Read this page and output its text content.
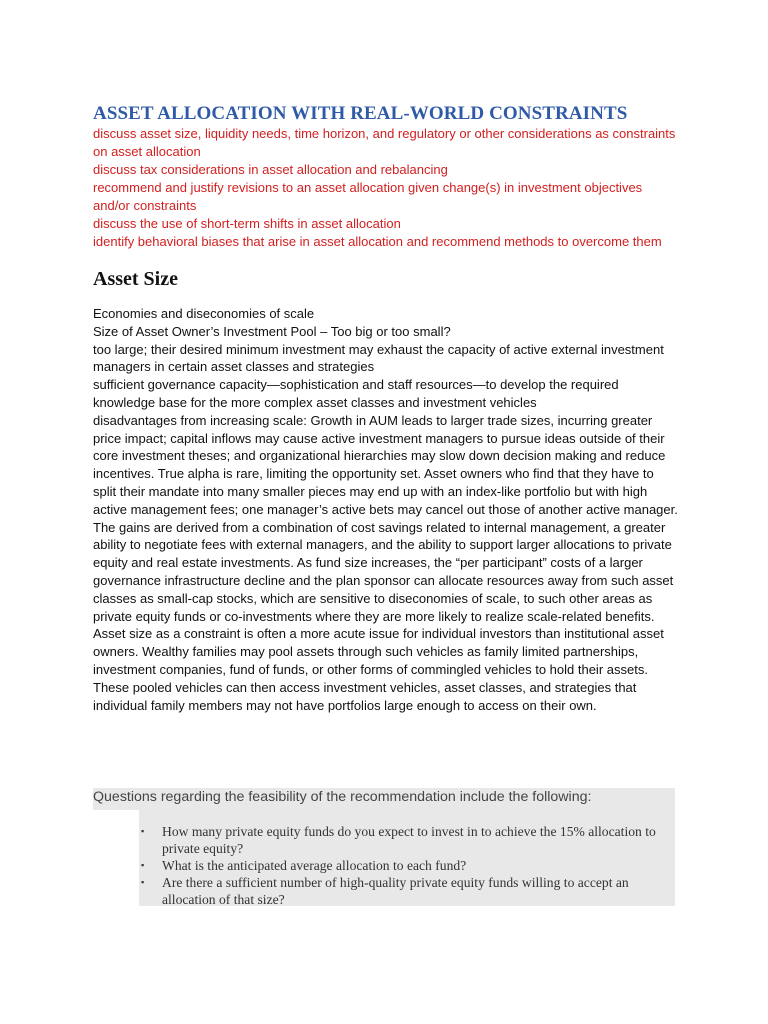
ASSET ALLOCATION WITH REAL-WORLD CONSTRAINTS
discuss asset size, liquidity needs, time horizon, and regulatory or other considerations as constraints on asset allocation
discuss tax considerations in asset allocation and rebalancing
recommend and justify revisions to an asset allocation given change(s) in investment objectives and/or constraints
discuss the use of short-term shifts in asset allocation
identify behavioral biases that arise in asset allocation and recommend methods to overcome them
Asset Size

Economies and diseconomies of scale

Size of Asset Owner’s Investment Pool – Too big or too small?

too large; their desired minimum investment may exhaust the capacity of active external investment managers in certain asset classes and strategies

sufficient governance capacity—sophistication and staff resources—to develop the required knowledge base for the more complex asset classes and investment vehicles

disadvantages from increasing scale: Growth in AUM leads to larger trade sizes, incurring greater price impact; capital inflows may cause active investment managers to pursue ideas outside of their core investment theses; and organizational hierarchies may slow down decision making and reduce incentives. True alpha is rare, limiting the opportunity set. Asset owners who find that they have to split their mandate into many smaller pieces may end up with an index-like portfolio but with high active management fees; one manager’s active bets may cancel out those of another active manager.

The gains are derived from a combination of cost savings related to internal management, a greater ability to negotiate fees with external managers, and the ability to support larger allocations to private equity and real estate investments. As fund size increases, the “per participant” costs of a larger governance infrastructure decline and the plan sponsor can allocate resources away from such asset classes as small-cap stocks, which are sensitive to diseconomies of scale, to such other areas as private equity funds or co-investments where they are more likely to realize scale-related benefits.

Asset size as a constraint is often a more acute issue for individual investors than institutional asset owners. Wealthy families may pool assets through such vehicles as family limited partnerships, investment companies, fund of funds, or other forms of commingled vehicles to hold their assets. These pooled vehicles can then access investment vehicles, asset classes, and strategies that individual family members may not have portfolios large enough to access on their own.

Questions regarding the feasibility of the recommendation include the following:
▪ How many private equity funds do you expect to invest in to achieve the 15% allocation to private equity?
▪ What is the anticipated average allocation to each fund?
▪ Are there a sufficient number of high-quality private equity funds willing to accept an allocation of that size?
